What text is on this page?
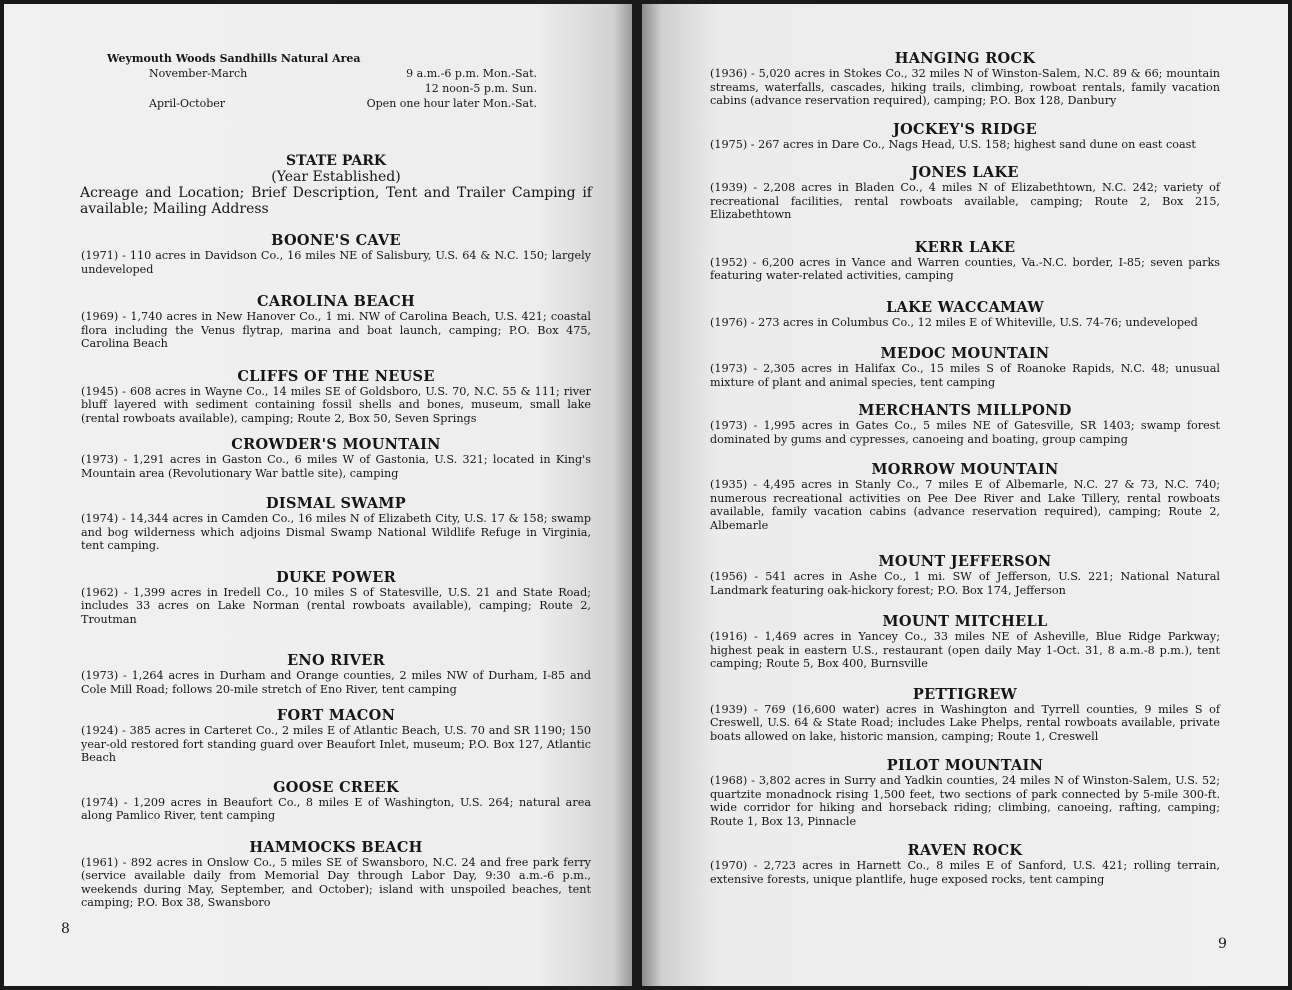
Weymouth Woods Sandhills Natural Area
November-March	9 a.m.-6 p.m. Mon.-Sat.
12 noon-5 p.m. Sun.
April-October	Open one hour later Mon.-Sat.
STATE PARK
(Year Established)
Acreage and Location; Brief Description, Tent and Trailer Camping if available; Mailing Address
BOONE'S CAVE
(1971) - 110 acres in Davidson Co., 16 miles NE of Salisbury, U.S. 64 & N.C. 150; largely undeveloped
CAROLINA BEACH
(1969) - 1,740 acres in New Hanover Co., 1 mi. NW of Carolina Beach, U.S. 421; coastal flora including the Venus flytrap, marina and boat launch, camping; P.O. Box 475, Carolina Beach
CLIFFS OF THE NEUSE
(1945) - 608 acres in Wayne Co., 14 miles SE of Goldsboro, U.S. 70, N.C. 55 & 111; river bluff layered with sediment containing fossil shells and bones, museum, small lake (rental rowboats available), camping; Route 2, Box 50, Seven Springs
CROWDER'S MOUNTAIN
(1973) - 1,291 acres in Gaston Co., 6 miles W of Gastonia, U.S. 321; located in King's Mountain area (Revolutionary War battle site), camping
DISMAL SWAMP
(1974) - 14,344 acres in Camden Co., 16 miles N of Elizabeth City, U.S. 17 & 158; swamp and bog wilderness which adjoins Dismal Swamp National Wildlife Refuge in Virginia, tent camping.
DUKE POWER
(1962) - 1,399 acres in Iredell Co., 10 miles S of Statesville, U.S. 21 and State Road; includes 33 acres on Lake Norman (rental rowboats available), camping; Route 2, Troutman
ENO RIVER
(1973) - 1,264 acres in Durham and Orange counties, 2 miles NW of Durham, I-85 and Cole Mill Road; follows 20-mile stretch of Eno River, tent camping
FORT MACON
(1924) - 385 acres in Carteret Co., 2 miles E of Atlantic Beach, U.S. 70 and SR 1190; 150 year-old restored fort standing guard over Beaufort Inlet, museum; P.O. Box 127, Atlantic Beach
GOOSE CREEK
(1974) - 1,209 acres in Beaufort Co., 8 miles E of Washington, U.S. 264; natural area along Pamlico River, tent camping
HAMMOCKS BEACH
(1961) - 892 acres in Onslow Co., 5 miles SE of Swansboro, N.C. 24 and free park ferry (service available daily from Memorial Day through Labor Day, 9:30 a.m.-6 p.m., weekends during May, September, and October); island with unspoiled beaches, tent camping; P.O. Box 38, Swansboro
8
HANGING ROCK
(1936) - 5,020 acres in Stokes Co., 32 miles N of Winston-Salem, N.C. 89 & 66; mountain streams, waterfalls, cascades, hiking trails, climbing, rowboat rentals, family vacation cabins (advance reservation required), camping; P.O. Box 128, Danbury
JOCKEY'S RIDGE
(1975) - 267 acres in Dare Co., Nags Head, U.S. 158; highest sand dune on east coast
JONES LAKE
(1939) - 2,208 acres in Bladen Co., 4 miles N of Elizabethtown, N.C. 242; variety of recreational facilities, rental rowboats available, camping; Route 2, Box 215, Elizabethtown
KERR LAKE
(1952) - 6,200 acres in Vance and Warren counties, Va.-N.C. border, I-85; seven parks featuring water-related activities, camping
LAKE WACCAMAW
(1976) - 273 acres in Columbus Co., 12 miles E of Whiteville, U.S. 74-76; undeveloped
MEDOC MOUNTAIN
(1973) - 2,305 acres in Halifax Co., 15 miles S of Roanoke Rapids, N.C. 48; unusual mixture of plant and animal species, tent camping
MERCHANTS MILLPOND
(1973) - 1,995 acres in Gates Co., 5 miles NE of Gatesville, SR 1403; swamp forest dominated by gums and cypresses, canoeing and boating, group camping
MORROW MOUNTAIN
(1935) - 4,495 acres in Stanly Co., 7 miles E of Albemarle, N.C. 27 & 73, N.C. 740; numerous recreational activities on Pee Dee River and Lake Tillery, rental rowboats available, family vacation cabins (advance reservation required), camping; Route 2, Albemarle
MOUNT JEFFERSON
(1956) - 541 acres in Ashe Co., 1 mi. SW of Jefferson, U.S. 221; National Natural Landmark featuring oak-hickory forest; P.O. Box 174, Jefferson
MOUNT MITCHELL
(1916) - 1,469 acres in Yancey Co., 33 miles NE of Asheville, Blue Ridge Parkway; highest peak in eastern U.S., restaurant (open daily May 1-Oct. 31, 8 a.m.-8 p.m.), tent camping; Route 5, Box 400, Burnsville
PETTIGREW
(1939) - 769 (16,600 water) acres in Washington and Tyrrell counties, 9 miles S of Creswell, U.S. 64 & State Road; includes Lake Phelps, rental rowboats available, private boats allowed on lake, historic mansion, camping; Route 1, Creswell
PILOT MOUNTAIN
(1968) - 3,802 acres in Surry and Yadkin counties, 24 miles N of Winston-Salem, U.S. 52; quartzite monadnock rising 1,500 feet, two sections of park connected by 5-mile 300-ft. wide corridor for hiking and horseback riding; climbing, canoeing, rafting, camping; Route 1, Box 13, Pinnacle
RAVEN ROCK
(1970) - 2,723 acres in Harnett Co., 8 miles E of Sanford, U.S. 421; rolling terrain, extensive forests, unique plantlife, huge exposed rocks, tent camping
9
